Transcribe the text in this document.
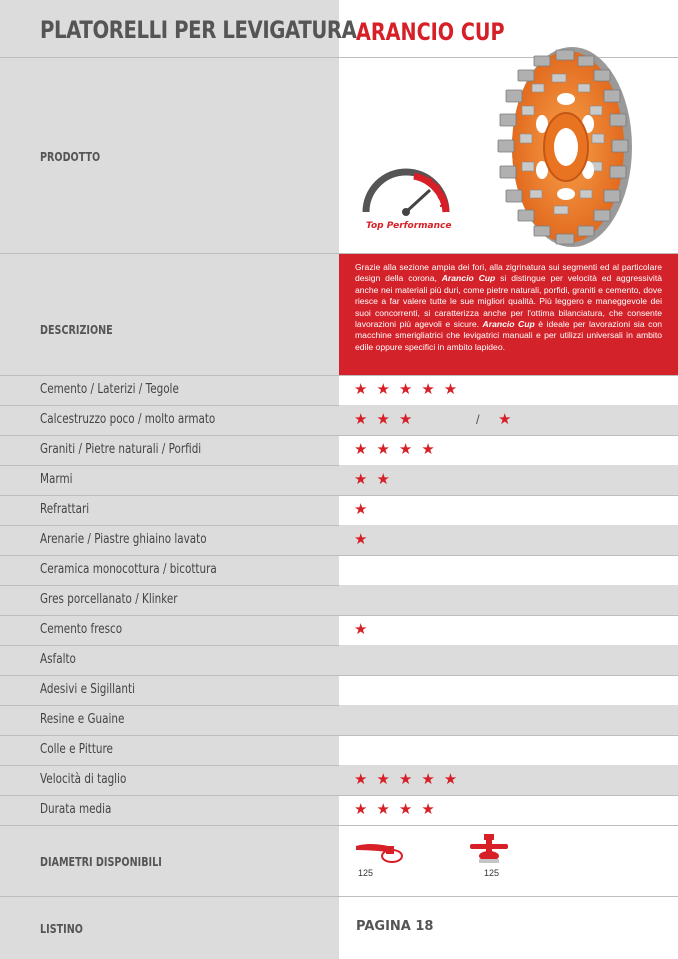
PLATORELLI PER LEVIGATURA ARANCIO CUP
PRODOTTO
Top Performance
DESCRIZIONE
Grazie alla sezione ampia dei fori, alla zigrinatura sui segmenti ed al particolare design della corona, Arancio Cup si distingue per velocità ed aggressività anche nei materiali più duri, come pietre naturali, porfidi, graniti e cemento, dove riesce a far valere tutte le sue migliori qualità. Più leggero e maneggevole dei suoi concorrenti, si caratterizza anche per l'ottima bilanciatura, che consente lavorazioni più agevoli e sicure. Arancio Cup è ideale per lavorazioni sia con macchine smerigliatrici che levigatrici manuali e per utilizzi universali in ambito edile oppure specifici in ambito lapideo.
Cemento / Laterizi / Tegole	★★★★★
Calcestruzzo poco / molto armato	★★★	/ ★
Graniti / Pietre naturali / Porfidi	★★★★
Marmi	★★
Refrattari	★
Arenarie / Piastre ghiaino lavato	★
Ceramica monocottura / bicottura
Gres porcellanato / Klinker
Cemento fresco	★
Asfalto
Adesivi e Sigillanti
Resine e Guaine
Colle e Pitture
Velocità di taglio	★★★★★
Durata media	★★★★
DIAMETRI DISPONIBILI
125	125
LISTINO	PAGINA 18
